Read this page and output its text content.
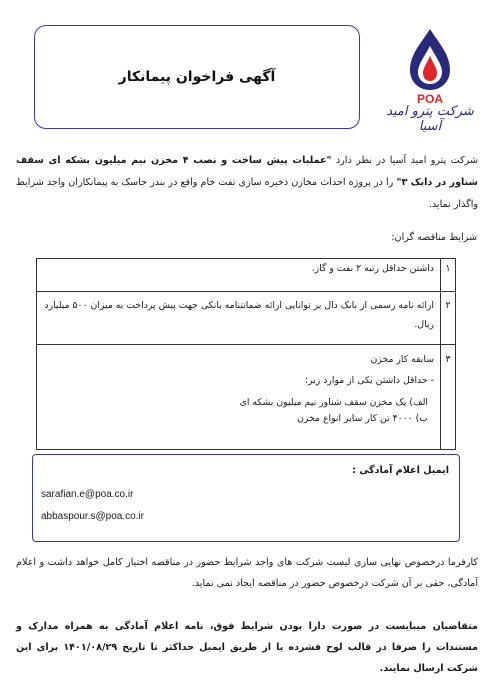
آگهی فراخوان پیمانکار
POA
شرکت پترو امید آسیا
شرکت پترو امید آسیا در نظر دارد "عملیات پیش ساخت و نصب ۴ مخزن نیم میلیون بشکه ای سقف شناور در دایک ۳" را در پروژه احداث مخازن ذخیره سازی نفت خام واقع در بندر جاسک به پیمانکاران واجد شرایط واگذار نماید.
شرایط مناقصه گران:
۱	داشتن حداقل رتبه ۲ نفت و گاز.
۲	ارائه نامه رسمی از بانک دال بر توانایی ارائه ضمانتنامه بانکی جهت پیش پرداخت به میزان ۵۰۰ میلیارد ریال.
۳	سابقه کار مخزن
- حداقل داشتن یکی از موارد زیر:
الف) یک مخزن سقف شناور نیم میلیون بشکه ای
ب) ۴۰۰۰ تن کار سایر انواع مخزن
ایمیل اعلام آمادگی :
sarafian.e@poa.co.ir
abbaspour.s@poa.co.ir
کارفرما درخصوص نهایی سازی لیست شرکت های واجد شرایط حضور در مناقصه اختیار کامل خواهد داشت و اعلام آمادگی، حقی بر آن شرکت درخصوص حضور در مناقصه ایجاد نمی نماید.
متقاضیان میبایست در صورت دارا بودن شرایط فوق، نامه اعلام آمادگی به همراه مدارک و مستندات را صرفا در قالب لوح فشرده یا از طریق ایمیل حداکثر تا تاریخ ۱۴۰۱/۰۸/۲۹ برای این شرکت ارسال نمایند.
